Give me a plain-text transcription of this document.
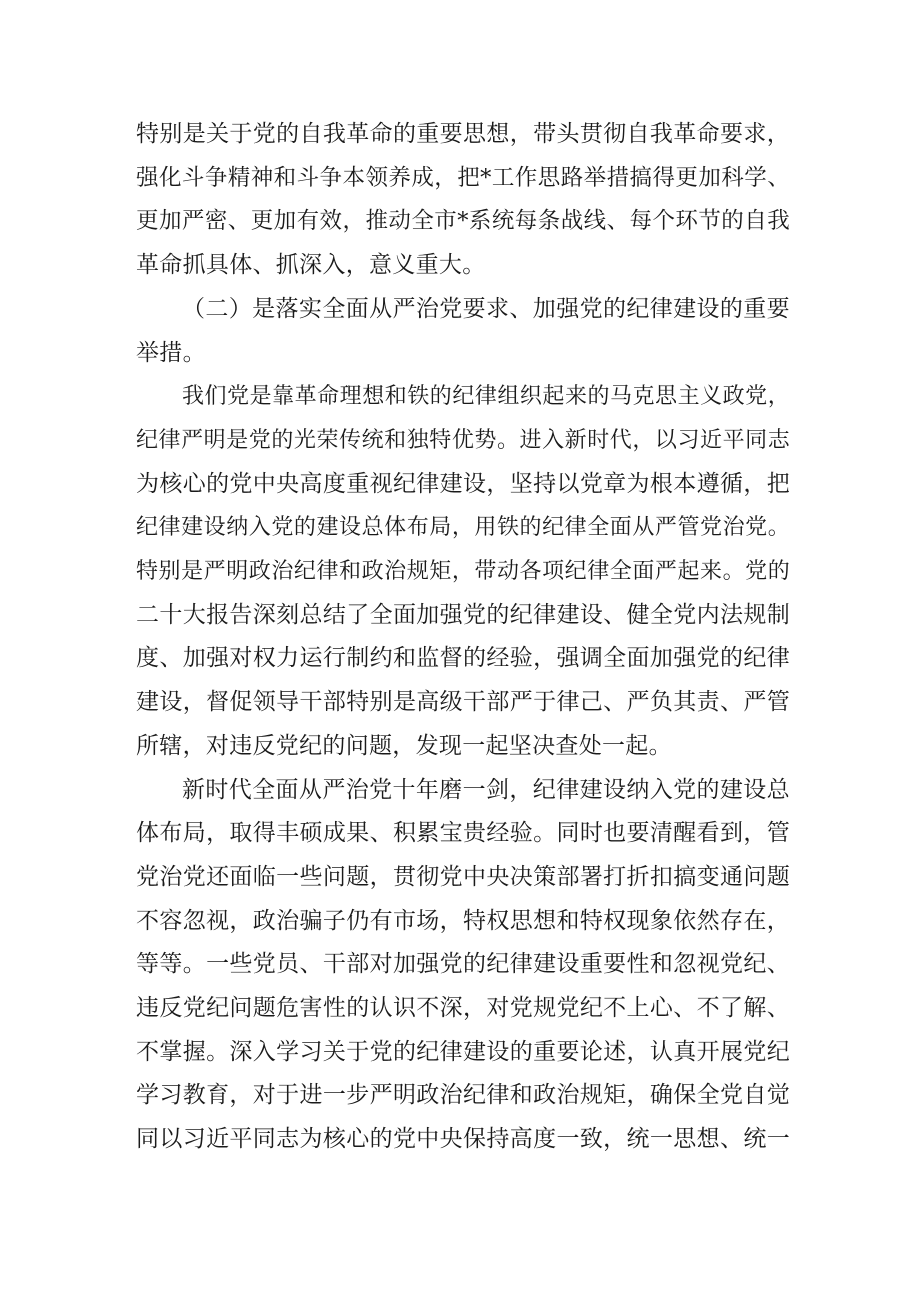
特别是关于党的自我革命的重要思想，带头贯彻自我革命要求，
强化斗争精神和斗争本领养成，把*工作思路举措搞得更加科学、
更加严密、更加有效，推动全市*系统每条战线、每个环节的自我
革命抓具体、抓深入，意义重大。
（二）是落实全面从严治党要求、加强党的纪律建设的重要
举措。
我们党是靠革命理想和铁的纪律组织起来的马克思主义政党，
纪律严明是党的光荣传统和独特优势。进入新时代，以习近平同志
为核心的党中央高度重视纪律建设，坚持以党章为根本遵循，把
纪律建设纳入党的建设总体布局，用铁的纪律全面从严管党治党。
特别是严明政治纪律和政治规矩，带动各项纪律全面严起来。党的
二十大报告深刻总结了全面加强党的纪律建设、健全党内法规制
度、加强对权力运行制约和监督的经验，强调全面加强党的纪律
建设，督促领导干部特别是高级干部严于律己、严负其责、严管
所辖，对违反党纪的问题，发现一起坚决查处一起。
新时代全面从严治党十年磨一剑，纪律建设纳入党的建设总
体布局，取得丰硕成果、积累宝贵经验。同时也要清醒看到，管
党治党还面临一些问题，贯彻党中央决策部署打折扣搞变通问题
不容忽视，政治骗子仍有市场，特权思想和特权现象依然存在，
等等。一些党员、干部对加强党的纪律建设重要性和忽视党纪、
违反党纪问题危害性的认识不深，对党规党纪不上心、不了解、
不掌握。深入学习关于党的纪律建设的重要论述，认真开展党纪
学习教育，对于进一步严明政治纪律和政治规矩，确保全党自觉
同以习近平同志为核心的党中央保持高度一致，统一思想、统一
